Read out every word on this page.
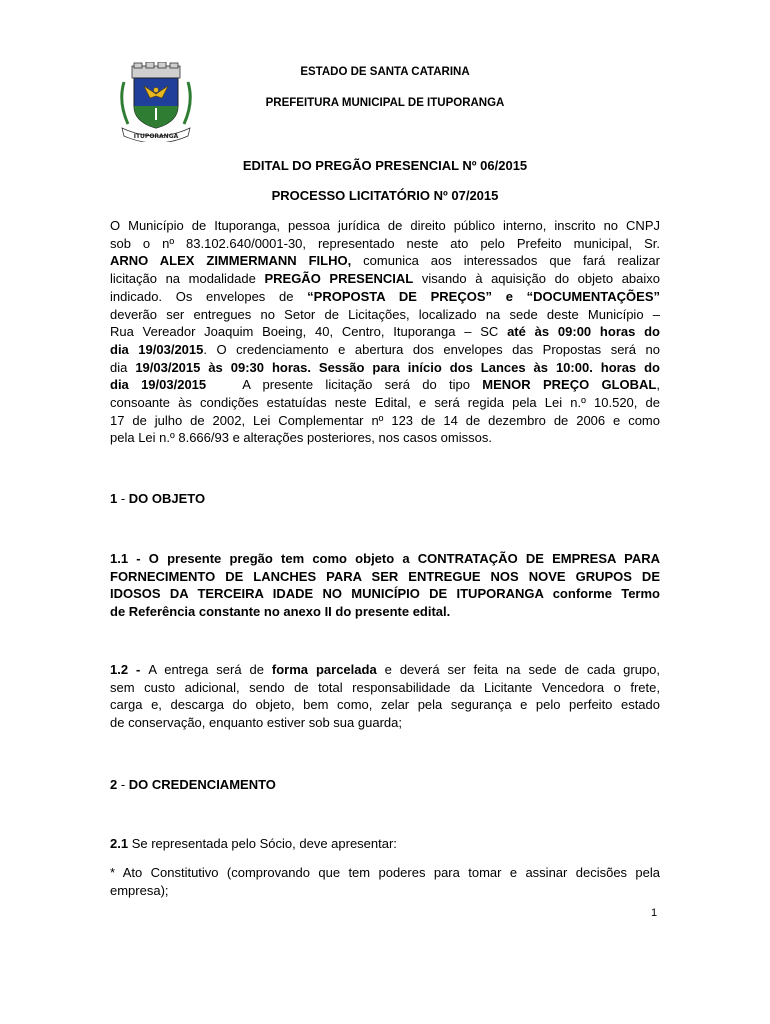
ITUPORANGA
ESTADO DE SANTA CATARINA
PREFEITURA MUNICIPAL DE ITUPORANGA
EDITAL DO PREGÃO PRESENCIAL Nº 06/2015
PROCESSO LICITATÓRIO Nº 07/2015
O Município de Ituporanga, pessoa jurídica de direito público interno, inscrito no CNPJ
sob o nº 83.102.640/0001-30, representado neste ato pelo Prefeito municipal, Sr.
ARNO ALEX ZIMMERMANN FILHO, comunica aos interessados que fará realizar
licitação na modalidade PREGÃO PRESENCIAL visando à aquisição do objeto abaixo
indicado. Os envelopes de “PROPOSTA DE PREÇOS” e “DOCUMENTAÇÕES”
deverão ser entregues no Setor de Licitações, localizado na sede deste Município –
Rua Vereador Joaquim Boeing, 40, Centro, Ituporanga – SC até às 09:00 horas do
dia 19/03/2015. O credenciamento e abertura dos envelopes das Propostas será no
dia 19/03/2015 às 09:30 horas. Sessão para início dos Lances às 10:00. horas do
dia 19/03/2015   A presente licitação será do tipo MENOR PREÇO GLOBAL,
consoante às condições estatuídas neste Edital, e será regida pela Lei n.º 10.520, de
17 de julho de 2002, Lei Complementar nº 123 de 14 de dezembro de 2006 e como
pela Lei n.º 8.666/93 e alterações posteriores, nos casos omissos.
1 - DO OBJETO
1.1 - O presente pregão tem como objeto a CONTRATAÇÃO DE EMPRESA PARA
FORNECIMENTO DE LANCHES PARA SER ENTREGUE NOS NOVE GRUPOS DE
IDOSOS DA TERCEIRA IDADE NO MUNICÍPIO DE ITUPORANGA conforme Termo
de Referência constante no anexo II do presente edital.
1.2 - A entrega será de forma parcelada e deverá ser feita na sede de cada grupo,
sem custo adicional, sendo de total responsabilidade da Licitante Vencedora o frete,
carga e, descarga do objeto, bem como, zelar pela segurança e pelo perfeito estado
de conservação, enquanto estiver sob sua guarda;
2 - DO CREDENCIAMENTO
2.1 Se representada pelo Sócio, deve apresentar:
* Ato Constitutivo (comprovando que tem poderes para tomar e assinar decisões pela
empresa);
1
